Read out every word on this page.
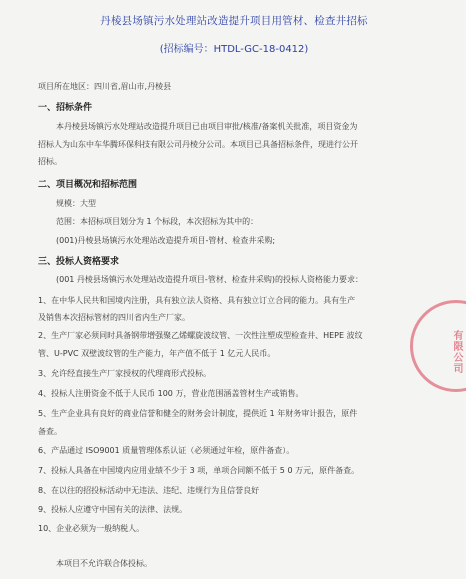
丹棱县场镇污水处理站改造提升项目用管材、检查井招标
(招标编号：HTDL-GC-18-0412)
项目所在地区：四川省,眉山市,丹棱县
一、招标条件
本丹棱县场镇污水处理站改造提升项目已由项目审批/核准/备案机关批准，项目资金为
招标人为山东中车华腾环保科技有限公司丹棱分公司。本项目已具备招标条件，现进行公开
招标。
二、项目概况和招标范围
规模：大型
范围：本招标项目划分为 1 个标段，本次招标为其中的：
(001)丹棱县场镇污水处理站改造提升项目-管材、检查井采购;
三、投标人资格要求
(001 丹棱县场镇污水处理站改造提升项目-管材、检查井采购)的投标人资格能力要求：
1、在中华人民共和国境内注册，具有独立法人资格、具有独立订立合同的能力。具有生产
及销售本次招标管材的四川省内生产厂家。
2、生产厂家必须同时具备钢带增强聚乙烯螺旋波纹管、一次性注塑成型检查井、HEPE 波纹
管、U-PVC 双壁波纹管的生产能力，年产值不低于 1 亿元人民币。
3、允许经直接生产厂家授权的代理商形式投标。
4、投标人注册资金不低于人民币 100 万，营业范围涵盖管材生产或销售。
5、生产企业具有良好的商业信誉和健全的财务会计制度，提供近 1 年财务审计报告，原件
备查。
6、产品通过 ISO9001 质量管理体系认证（必须通过年检，原件备查）。
7、投标人具备在中国境内应用业绩不少于 3 项，单项合同额不低于 5 0 万元，原件备查。
8、在以往的招投标活动中无违法、违纪、违规行为且信誉良好
9、投标人应遵守中国有关的法律、法规。
10、企业必须为一般纳税人。
本项目不允许联合体投标。
有限公司
